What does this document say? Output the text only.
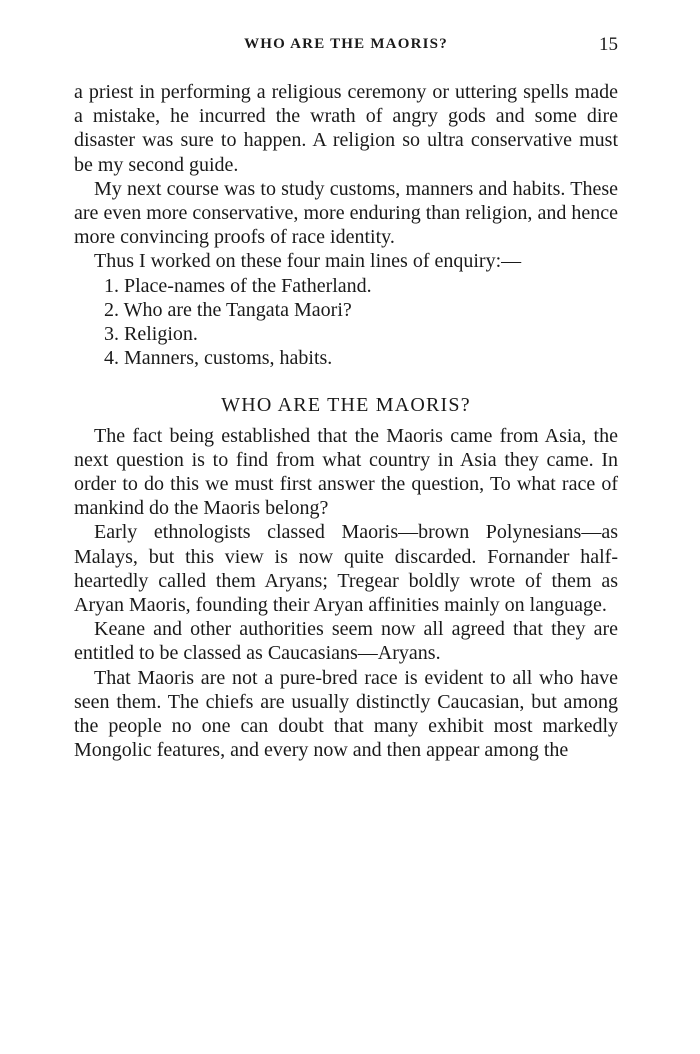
WHO ARE THE MAORIS?	15

a priest in performing a religious ceremony or uttering spells made a mistake, he incurred the wrath of angry gods and some dire disaster was sure to happen. A religion so ultra conservative must be my second guide.

My next course was to study customs, manners and habits. These are even more conservative, more enduring than religion, and hence more convincing proofs of race identity.

Thus I worked on these four main lines of enquiry:—

1. Place-names of the Fatherland.
2. Who are the Tangata Maori?
3. Religion.
4. Manners, customs, habits.
WHO ARE THE MAORIS?

The fact being established that the Maoris came from Asia, the next question is to find from what country in Asia they came. In order to do this we must first answer the question, To what race of mankind do the Maoris belong?

Early ethnologists classed Maoris—brown Polynesians—as Malays, but this view is now quite discarded. Fornander half-heartedly called them Aryans; Tregear boldly wrote of them as Aryan Maoris, founding their Aryan affinities mainly on language.

Keane and other authorities seem now all agreed that they are entitled to be classed as Caucasians—Aryans.

That Maoris are not a pure-bred race is evident to all who have seen them. The chiefs are usually distinctly Caucasian, but among the people no one can doubt that many exhibit most markedly Mongolic features, and every now and then appear among the
